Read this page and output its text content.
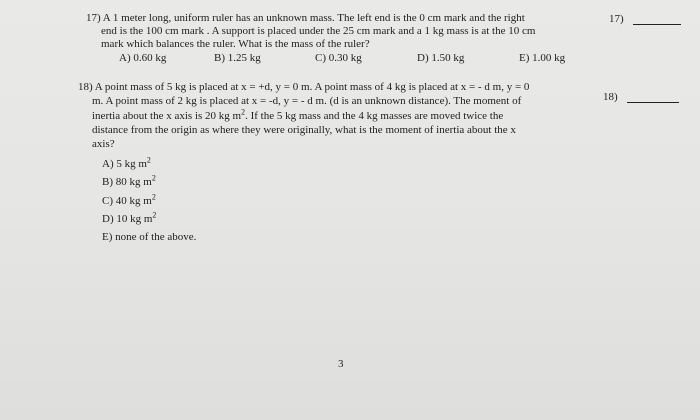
17) A 1 meter long, uniform ruler has an unknown mass. The left end is the 0 cm mark and the right
end is the 100 cm mark . A support is placed under the 25 cm mark and a 1 kg mass is at the 10 cm
mark which balances the ruler. What is the mass of the ruler?
A) 0.60 kg	B) 1.25 kg	C) 0.30 kg	D) 1.50 kg	E) 1.00 kg
17)
18) A point mass of 5 kg is placed at x = +d, y = 0 m. A point mass of 4 kg is placed at x = - d m, y = 0
m. A point mass of 2 kg is placed at x = -d, y = - d m. (d is an unknown distance). The moment of
inertia about the x axis is 20 kg $m^2$. If the 5 kg mass and the 4 kg masses are moved twice the
distance from the origin as where they were originally, what is the moment of inertia about the x
axis?
A) 5 kg $m^2$
B) 80 kg $m^2$
C) 40 kg $m^2$
D) 10 kg $m^2$
E) none of the above.
18)
3
